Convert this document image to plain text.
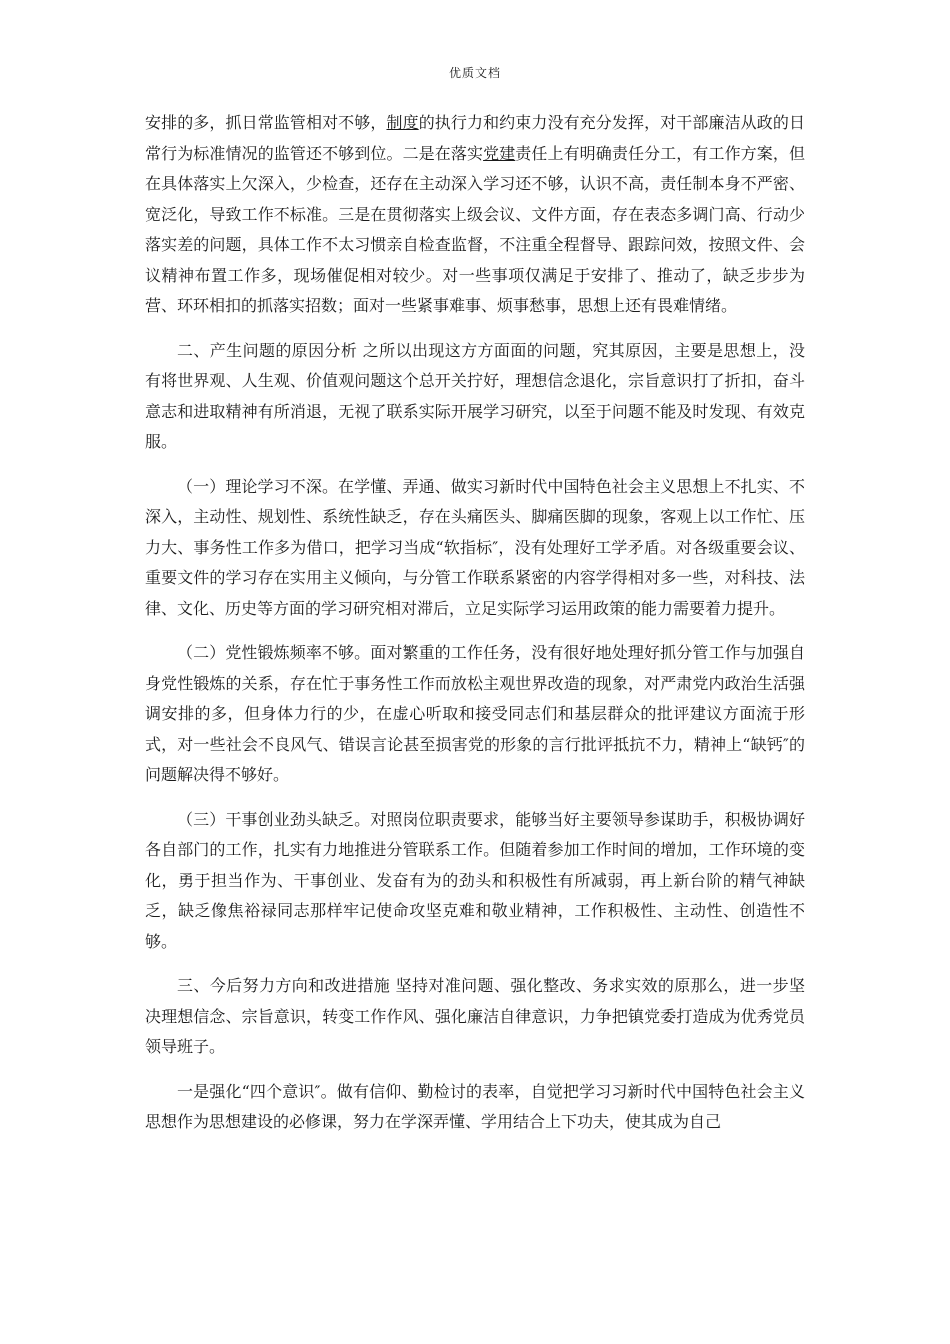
优质文档

安排的多，抓日常监管相对不够，制度的执行力和约束力没有充分发挥，对干部廉洁从政的日常行为标准情况的监管还不够到位。二是在落实党建责任上有明确责任分工，有工作方案，但在具体落实上欠深入，少检查，还存在主动深入学习还不够，认识不高，责任制本身不严密、宽泛化，导致工作不标准。三是在贯彻落实上级会议、文件方面，存在表态多调门高、行动少落实差的问题，具体工作不太习惯亲自检查监督，不注重全程督导、跟踪问效，按照文件、会议精神布置工作多，现场催促相对较少。对一些事项仅满足于安排了、推动了，缺乏步步为营、环环相扣的抓落实招数；面对一些紧事难事、烦事愁事，思想上还有畏难情绪。

二、产生问题的原因分析 之所以出现这方方面面的问题，究其原因，主要是思想上，没有将世界观、人生观、价值观问题这个总开关拧好，理想信念退化，宗旨意识打了折扣，奋斗意志和进取精神有所消退，无视了联系实际开展学习研究，以至于问题不能及时发现、有效克服。

（一）理论学习不深。在学懂、弄通、做实习新时代中国特色社会主义思想上不扎实、不深入，主动性、规划性、系统性缺乏，存在头痛医头、脚痛医脚的现象，客观上以工作忙、压力大、事务性工作多为借口，把学习当成“软指标″，没有处理好工学矛盾。对各级重要会议、重要文件的学习存在实用主义倾向，与分管工作联系紧密的内容学得相对多一些，对科技、法律、文化、历史等方面的学习研究相对滞后，立足实际学习运用政策的能力需要着力提升。

（二）党性锻炼频率不够。面对繁重的工作任务，没有很好地处理好抓分管工作与加强自身党性锻炼的关系，存在忙于事务性工作而放松主观世界改造的现象，对严肃党内政治生活强调安排的多，但身体力行的少，在虚心听取和接受同志们和基层群众的批评建议方面流于形式，对一些社会不良风气、错误言论甚至损害党的形象的言行批评抵抗不力，精神上“缺钙″的问题解决得不够好。

（三）干事创业劲头缺乏。对照岗位职责要求，能够当好主要领导参谋助手，积极协调好各自部门的工作，扎实有力地推进分管联系工作。但随着参加工作时间的增加，工作环境的变化，勇于担当作为、干事创业、发奋有为的劲头和积极性有所减弱，再上新台阶的精气神缺乏，缺乏像焦裕禄同志那样牢记使命攻坚克难和敬业精神，工作积极性、主动性、创造性不够。

三、今后努力方向和改进措施 坚持对准问题、强化整改、务求实效的原那么，进一步坚决理想信念、宗旨意识，转变工作作风、强化廉洁自律意识，力争把镇党委打造成为优秀党员领导班子。

一是强化“四个意识″。做有信仰、勤检讨的表率，自觉把学习习新时代中国特色社会主义思想作为思想建设的必修课，努力在学深弄懂、学用结合上下功夫，使其成为自己
